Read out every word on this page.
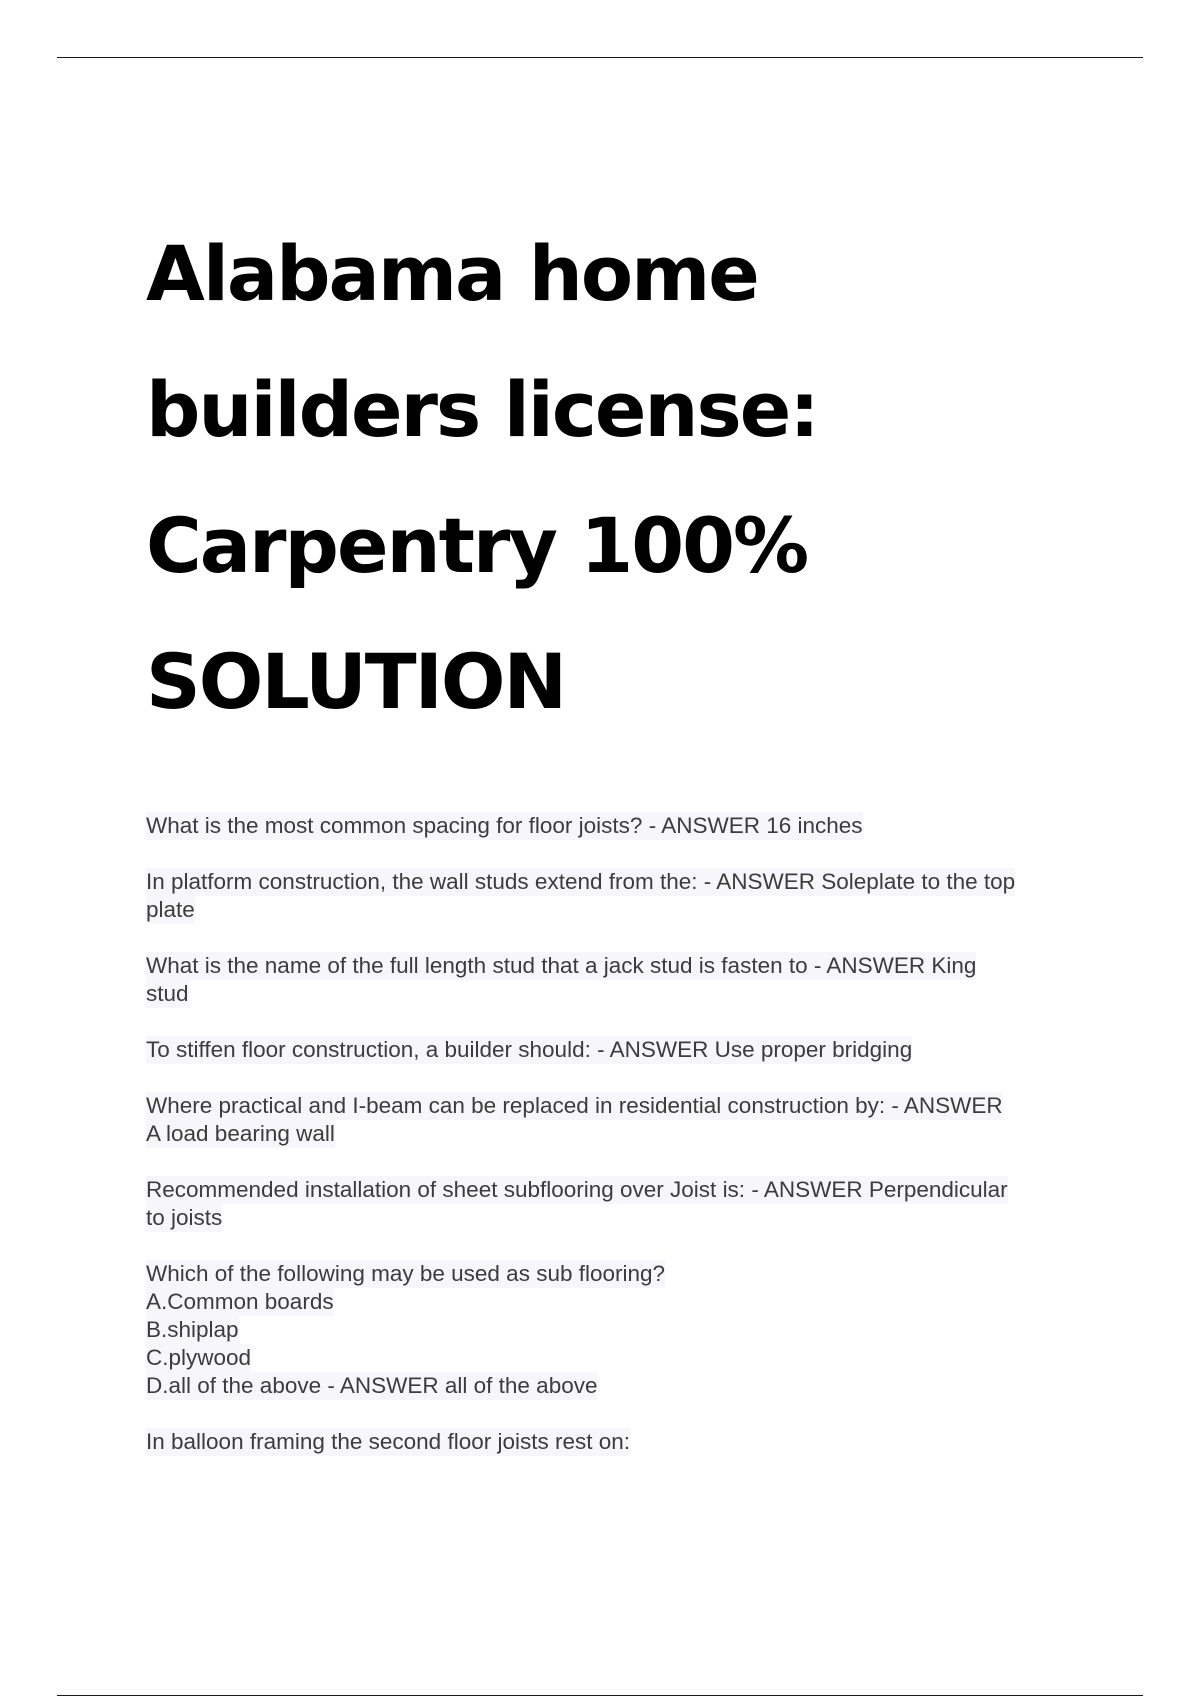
Alabama home
builders license:
Carpentry 100%
SOLUTION
What is the most common spacing for floor joists? - ANSWER 16 inches
In platform construction, the wall studs extend from the: - ANSWER Soleplate to the top
plate
What is the name of the full length stud that a jack stud is fasten to - ANSWER King
stud
To stiffen floor construction, a builder should: - ANSWER Use proper bridging
Where practical and I-beam can be replaced in residential construction by: - ANSWER
A load bearing wall
Recommended installation of sheet subflooring over Joist is: - ANSWER Perpendicular
to joists
Which of the following may be used as sub flooring?
A.Common boards
B.shiplap
C.plywood
D.all of the above - ANSWER all of the above
In balloon framing the second floor joists rest on:
